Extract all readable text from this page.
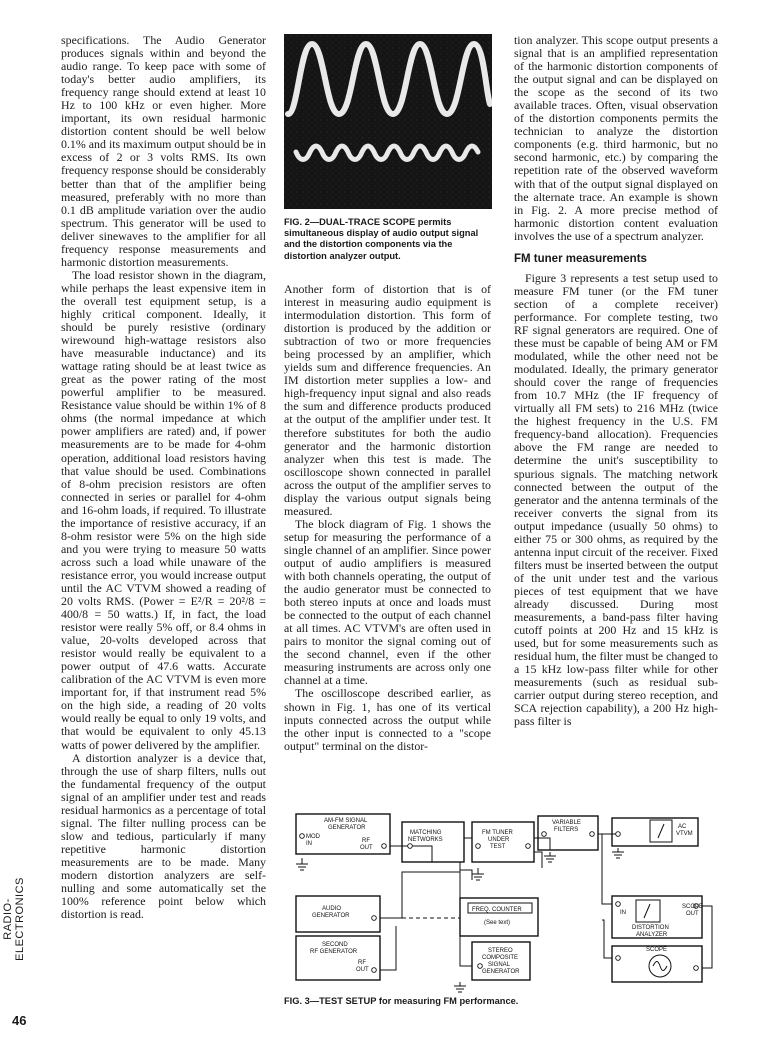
specifications. The Audio Generator produces signals within and beyond the audio range. To keep pace with some of today's better audio amplifiers, its frequency range should extend at least 10 Hz to 100 kHz or even higher. More important, its own residual harmonic distortion content should be well below 0.1% and its maximum output should be in excess of 2 or 3 volts RMS. Its own frequency response should be considerably better than that of the amplifier being measured, preferably with no more than 0.1 dB amplitude variation over the audio spectrum. This generator will be used to deliver sinewaves to the amplifier for all frequency response measurements and harmonic distortion measurements.

The load resistor shown in the diagram, while perhaps the least expensive item in the overall test equipment setup, is a highly critical component. Ideally, it should be purely resistive (ordinary wirewound high-wattage resistors also have measurable inductance) and its wattage rating should be at least twice as great as the power rating of the most powerful amplifier to be measured. Resistance value should be within 1% of 8 ohms (the normal impedance at which power amplifiers are rated) and, if power measurements are to be made for 4-ohm operation, additional load resistors having that value should be used. Combinations of 8-ohm precision resistors are often connected in series or parallel for 4-ohm and 16-ohm loads, if required. To illustrate the importance of resistive accuracy, if an 8-ohm resistor were 5% on the high side and you were trying to measure 50 watts across such a load while unaware of the resistance error, you would increase output until the AC VTVM showed a reading of 20 volts RMS. (Power = E²/R = 20²/8 = 400/8 = 50 watts.) If, in fact, the load resistor were really 5% off, or 8.4 ohms in value, 20-volts developed across that resistor would really be equivalent to a power output of 47.6 watts. Accurate calibration of the AC VTVM is even more important for, if that instrument read 5% on the high side, a reading of 20 volts would really be equal to only 19 volts, and that would be equivalent to only 45.13 watts of power delivered by the amplifier.

A distortion analyzer is a device that, through the use of sharp filters, nulls out the fundamental frequency of the output signal of an amplifier under test and reads residual harmonics as a percentage of total signal. The filter nulling process can be slow and tedious, particularly if many repetitive harmonic distortion measurements are to be made. Many modern distortion analyzers are self-nulling and some automatically set the 100% reference point below which distortion is read.

FIG. 2—DUAL-TRACE SCOPE permits simultaneous display of audio output signal and the distortion components via the distortion analyzer output.

Another form of distortion that is of interest in measuring audio equipment is intermodulation distortion. This form of distortion is produced by the addition or subtraction of two or more frequencies being processed by an amplifier, which yields sum and difference frequencies. An IM distortion meter supplies a low- and high-frequency input signal and also reads the sum and difference products produced at the output of the amplifier under test. It therefore substitutes for both the audio generator and the harmonic distortion analyzer when this test is made. The oscilloscope shown connected in parallel across the output of the amplifier serves to display the various output signals being measured.

The block diagram of Fig. 1 shows the setup for measuring the performance of a single channel of an amplifier. Since power output of audio amplifiers is measured with both channels operating, the output of the audio generator must be connected to both stereo inputs at once and loads must be connected to the output of each channel at all times. AC VTVM's are often used in pairs to monitor the signal coming out of the second channel, even if the other measuring instruments are across only one channel at a time.

The oscilloscope described earlier, as shown in Fig. 1, has one of its vertical inputs connected across the output while the other input is connected to a "scope output" terminal on the distor-

tion analyzer. This scope output presents a signal that is an amplified representation of the harmonic distortion components of the output signal and can be displayed on the scope as the second of its two available traces. Often, visual observation of the distortion components permits the technician to analyze the distortion components (e.g. third harmonic, but no second harmonic, etc.) by comparing the repetition rate of the observed waveform with that of the output signal displayed on the alternate trace. An example is shown in Fig. 2. A more precise method of harmonic distortion content evaluation involves the use of a spectrum analyzer.

FM tuner measurements

Figure 3 represents a test setup used to measure FM tuner (or the FM tuner section of a complete receiver) performance. For complete testing, two RF signal generators are required. One of these must be capable of being AM or FM modulated, while the other need not be modulated. Ideally, the primary generator should cover the range of frequencies from 10.7 MHz (the IF frequency of virtually all FM sets) to 216 MHz (twice the highest frequency in the U.S. FM frequency-band allocation). Frequencies above the FM range are needed to determine the unit's susceptibility to spurious signals. The matching network connected between the output of the generator and the antenna terminals of the receiver converts the signal from its output impedance (usually 50 ohms) to either 75 or 300 ohms, as required by the antenna input circuit of the receiver. Fixed filters must be inserted between the output of the unit under test and the various pieces of test equipment that we have already discussed. During most measurements, a band-pass filter having cutoff points at 200 Hz and 15 kHz is used, but for some measurements such as residual hum, the filter must be changed to a 15 kHz low-pass filter while for other measurements (such as residual sub-carrier output during stereo reception, and SCA rejection capability), a 200 Hz high-pass filter is

AM-FM SIGNAL
GENERATOR
MOD
IN	RF
OUT
MATCHING
NETWORKS
FM TUNER
UNDER
TEST
VARIABLE
FILTERS	AC
VTVM
AUDIO
GENERATOR
FREQ. COUNTER
(See text)
SECOND
RF GENERATOR
RF
OUT
STEREO
COMPOSITE
SIGNAL
GENERATOR
IN
SCOPE
OUT
DISTORTION
ANALYZER
SCOPE
FIG. 3—TEST SETUP for measuring FM performance.
RADIO-ELECTRONICS
46
